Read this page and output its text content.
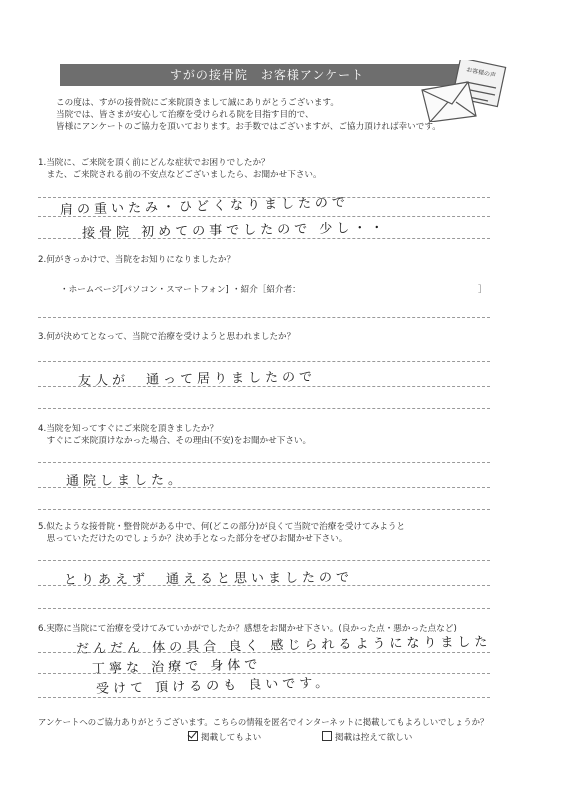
すがの接骨院　お客様アンケート	お客様の声
この度は、すがの接骨院にご来院頂きまして誠にありがとうございます。
当院では、皆さまが安心して治療を受けられる院を目指す目的で、
皆様にアンケートのご協力を頂いております。お手数ではございますが、ご協力頂ければ幸いです。
1.当院に、ご来院を頂く前にどんな症状でお困りでしたか？
　また、ご来院される前の不安点などございましたら、お聞かせ下さい。
肩の重いたみ・ひどくなりましたので
接骨院 初めての事でしたので 少し・・
2.何がきっかけで、当院をお知りになりましたか？
・ホームページ[パソコン・スマートフォン] ・紹介［紹介者：	］
3.何が決めてとなって、当院で治療を受けようと思われましたか？
友人が　通って居りましたので
4.当院を知ってすぐにご来院を頂きましたか？
　すぐにご来院頂けなかった場合、その理由(不安)をお聞かせ下さい。
通院しました。
5.似たような接骨院・整骨院がある中で、何(どこの部分)が良くて当院で治療を受けてみようと
　思っていただけたのでしょうか？決め手となった部分をぜひお聞かせ下さい。
とりあえず　通えると思いましたので
6.実際に当院にて治療を受けてみていかがでしたか？感想をお聞かせ下さい。(良かった点・悪かった点など)
だんだん 体の具合 良く 感じられるようになりました
丁寧な 治療で 身体で
受けて 頂けるのも 良いです。
アンケートへのご協力ありがとうございます。こちらの情報を匿名でインターネットに掲載してもよろしいでしょうか？
掲載してもよい	掲載は控えて欲しい
